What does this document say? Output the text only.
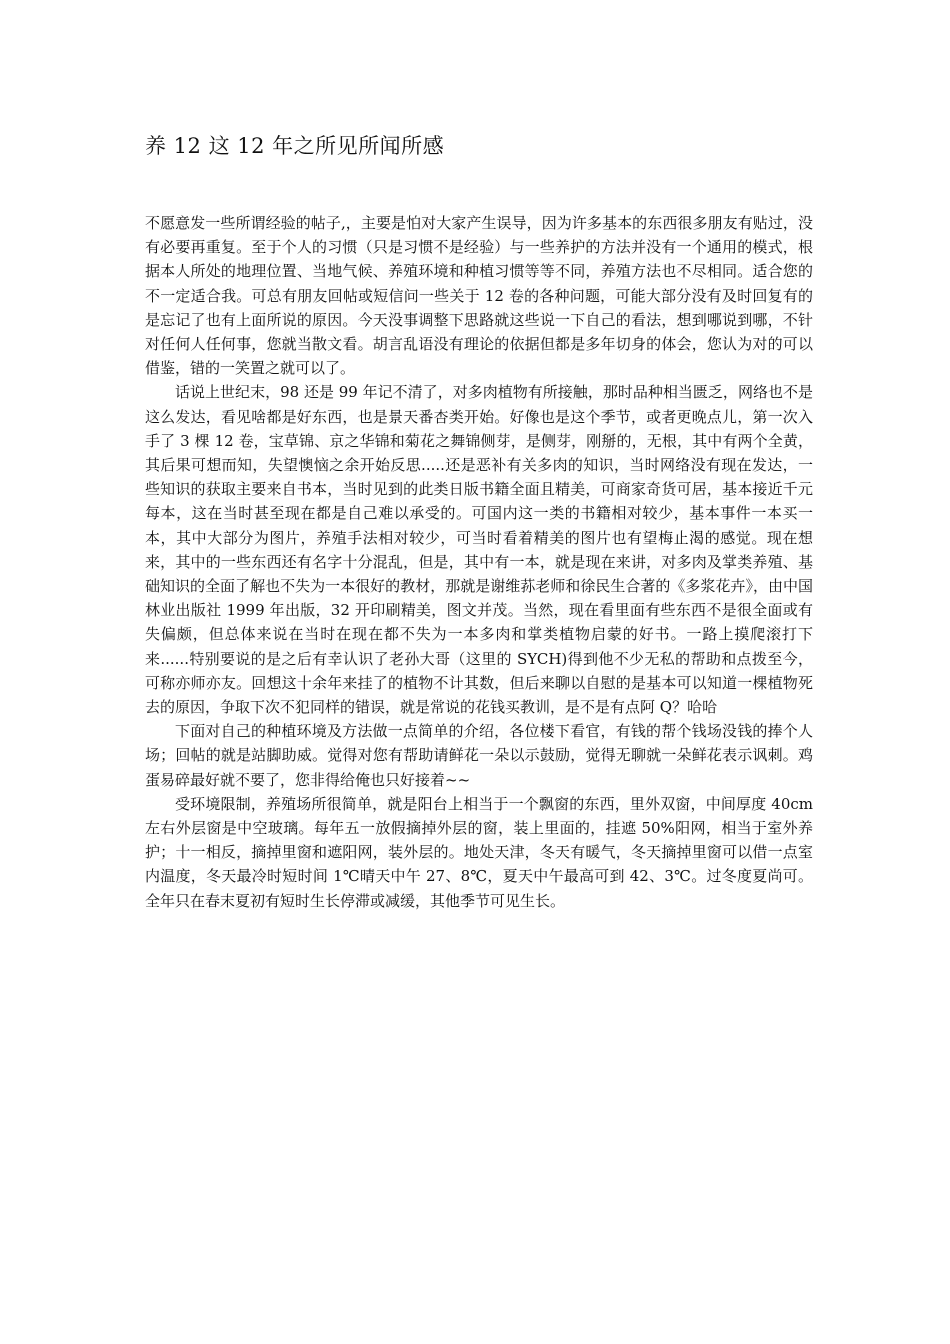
养 12 这 12 年之所见所闻所感

不愿意发一些所谓经验的帖子,，主要是怕对大家产生误导，因为许多基本的东西很多朋友有贴过，没有必要再重复。至于个人的习惯（只是习惯不是经验）与一些养护的方法并没有一个通用的模式，根据本人所处的地理位置、当地气候、养殖环境和种植习惯等等不同，养殖方法也不尽相同。适合您的不一定适合我。可总有朋友回帖或短信问一些关于 12 卷的各种问题，可能大部分没有及时回复有的是忘记了也有上面所说的原因。今天没事调整下思路就这些说一下自己的看法，想到哪说到哪，不针对任何人任何事，您就当散文看。胡言乱语没有理论的依据但都是多年切身的体会，您认为对的可以借鉴，错的一笑置之就可以了。

话说上世纪末，98 还是 99 年记不清了，对多肉植物有所接触，那时品种相当匮乏，网络也不是这么发达，看见啥都是好东西，也是景天番杏类开始。好像也是这个季节，或者更晚点儿，第一次入手了 3 棵 12 卷，宝草锦、京之华锦和菊花之舞锦侧芽，是侧芽，刚掰的，无根，其中有两个全黄，其后果可想而知，失望懊恼之余开始反思.....还是恶补有关多肉的知识，当时网络没有现在发达，一些知识的获取主要来自书本，当时见到的此类日版书籍全面且精美，可商家奇货可居，基本接近千元每本，这在当时甚至现在都是自己难以承受的。可国内这一类的书籍相对较少，基本事件一本买一本，其中大部分为图片，养殖手法相对较少，可当时看着精美的图片也有望梅止渴的感觉。现在想来，其中的一些东西还有名字十分混乱，但是，其中有一本，就是现在来讲，对多肉及掌类养殖、基础知识的全面了解也不失为一本很好的教材，那就是谢维荪老师和徐民生合著的《多浆花卉》，由中国林业出版社 1999 年出版，32 开印刷精美，图文并茂。当然，现在看里面有些东西不是很全面或有失偏颇，但总体来说在当时在现在都不失为一本多肉和掌类植物启蒙的好书。一路上摸爬滚打下来......特别要说的是之后有幸认识了老孙大哥（这里的 SYCH)得到他不少无私的帮助和点拨至今，可称亦师亦友。回想这十余年来挂了的植物不计其数，但后来聊以自慰的是基本可以知道一棵植物死去的原因，争取下次不犯同样的错误，就是常说的花钱买教训，是不是有点阿 Q？哈哈

下面对自己的种植环境及方法做一点简单的介绍，各位楼下看官，有钱的帮个钱场没钱的捧个人场；回帖的就是站脚助威。觉得对您有帮助请鲜花一朵以示鼓励，觉得无聊就一朵鲜花表示讽刺。鸡蛋易碎最好就不要了，您非得给俺也只好接着~~

受环境限制，养殖场所很简单，就是阳台上相当于一个飘窗的东西，里外双窗，中间厚度 40cm 左右外层窗是中空玻璃。每年五一放假摘掉外层的窗，装上里面的，挂遮 50%阳网，相当于室外养护；十一相反，摘掉里窗和遮阳网，装外层的。地处天津，冬天有暖气，冬天摘掉里窗可以借一点室内温度，冬天最冷时短时间 1℃晴天中午 27、8℃，夏天中午最高可到 42、3℃。过冬度夏尚可。全年只在春末夏初有短时生长停滞或减缓，其他季节可见生长。
